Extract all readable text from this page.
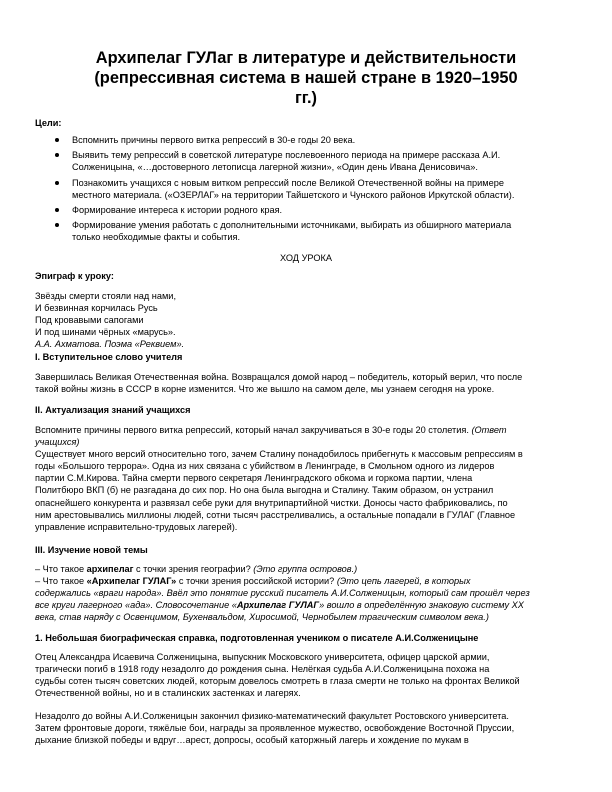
Архипелаг ГУЛаг в литературе и действительности
(репрессивная система в нашей стране в 1920–1950
гг.)
Цели:
Вспомнить причины первого витка репрессий в 30-е годы 20 века.
Выявить тему репрессий в советской литературе послевоенного периода на примере рассказа А.И.
Солженицына, «…достоверного летописца лагерной жизни», «Один день Ивана Денисовича».
Познакомить учащихся с новым витком репрессий после Великой Отечественной войны на примере
местного материала. («ОЗЕРЛАГ» на территории Тайшетского и Чунского районов Иркутской области).
Формирование интереса к истории родного края.
Формирование умения работать с дополнительными источниками, выбирать из обширного материала
только необходимые факты и события.
ХОД УРОКА
Эпиграф к уроку:
Звёзды смерти стояли над нами,
И безвинная корчилась Русь
Под кровавыми сапогами
И под шинами чёрных «марусь».
А.А. Ахматова. Поэма «Реквием».
I. Вступительное слово учителя
Завершилась Великая Отечественная война. Возвращался домой народ – победитель, который верил, что после
такой войны жизнь в СССР в корне изменится. Что же вышло на самом деле, мы узнаем сегодня на уроке.
II. Актуализация знаний учащихся
Вспомните причины первого витка репрессий, который начал закручиваться в 30-е годы 20 столетия. (Ответ
учащихся)
Существует много версий относительно того, зачем Сталину понадобилось прибегнуть к массовым репрессиям в
годы «Большого террора». Одна из них связана с убийством в Ленинграде, в Смольном одного из лидеров
партии С.М.Кирова. Тайна смерти первого секретаря Ленинградского обкома и горкома партии, члена
Политбюро ВКП (б) не разгадана до сих пор. Но она была выгодна и Сталину. Таким образом, он устранил
опаснейшего конкурента и развязал себе руки для внутрипартийной чистки. Доносы часто фабриковались, по
ним арестовывались миллионы людей, сотни тысяч расстреливались, а остальные попадали в ГУЛАГ (Главное
управление исправительно-трудовых лагерей).
III. Изучение новой темы
– Что такое архипелаг с точки зрения географии? (Это группа островов.)
– Что такое «Архипелаг ГУЛАГ» с точки зрения российской истории? (Это цепь лагерей, в которых
содержались «враги народа». Ввёл это понятие русский писатель А.И.Солженицын, который сам прошёл через
все круги лагерного «ада». Словосочетание «Архипелаг ГУЛАГ» вошло в определённую знаковую систему XX
века, став наряду с Освенцимом, Бухенвальдом, Хиросимой, Чернобылем трагическим символом века.)
1. Небольшая биографическая справка, подготовленная учеником о писателе А.И.Солженицыне
Отец Александра Исаевича Солженицына, выпускник Московского университета, офицер царской армии,
трагически погиб в 1918 году незадолго до рождения сына. Нелёгкая судьба А.И.Солженицына похожа на
судьбы сотен тысяч советских людей, которым довелось смотреть в глаза смерти не только на фронтах Великой
Отечественной войны, но и в сталинских застенках и лагерях.
Незадолго до войны А.И.Солженицын закончил физико-математический факультет Ростовского университета.
Затем фронтовые дороги, тяжёлые бои, награды за проявленное мужество, освобождение Восточной Пруссии,
дыхание близкой победы и вдруг…арест, допросы, особый каторжный лагерь и хождение по мукам в
